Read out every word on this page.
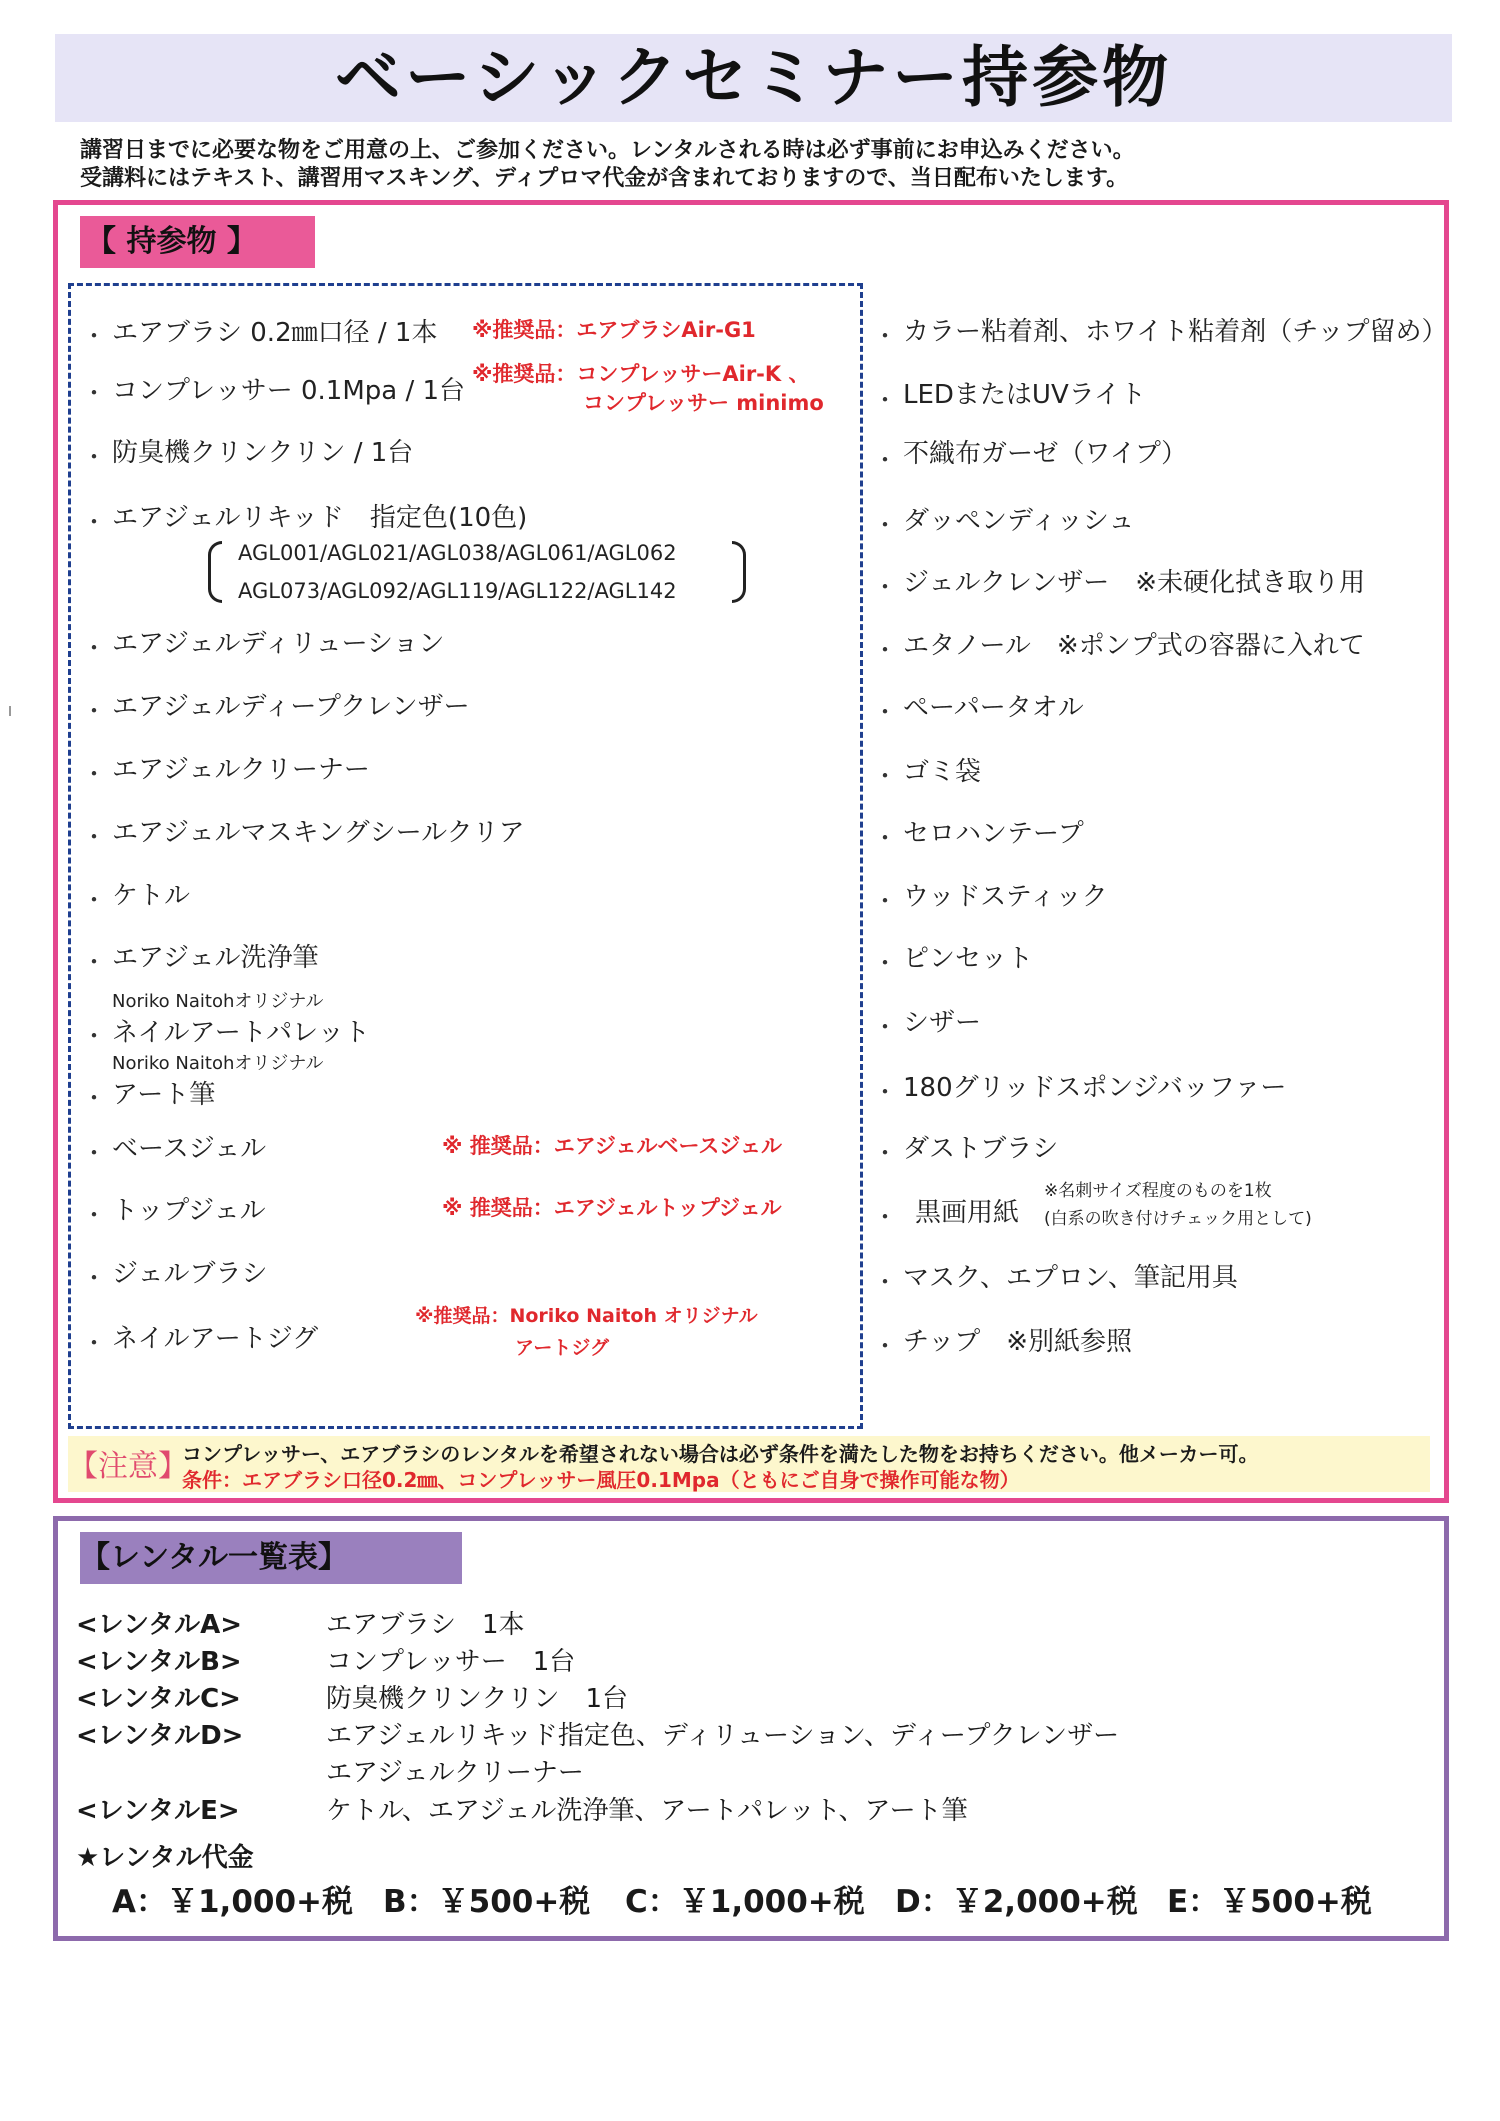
ベーシックセミナー持参物
講習日までに必要な物をご用意の上、ご参加ください。レンタルされる時は必ず事前にお申込みください。
受講料にはテキスト、講習用マスキング、ディプロマ代金が含まれておりますので、当日配布いたします。
【 持参物 】
・ エアブラシ 0.2㎜口径 / 1本 ※推奨品：エアブラシAir-G1
・ コンプレッサー 0.1Mpa / 1台
※推奨品：コンプレッサーAir-K 、
コンプレッサー minimo
・ 防臭機クリンクリン / 1台
・ エアジェルリキッド　指定色(10色)
AGL001/AGL021/AGL038/AGL061/AGL062
AGL073/AGL092/AGL119/AGL122/AGL142
・ エアジェルディリューション
・ エアジェルディープクレンザー
・ エアジェルクリーナー
・ エアジェルマスキングシールクリア
・ ケトル
・ エアジェル洗浄筆
・
Noriko Naitohオリジナル
ネイルアートパレット
・
Noriko Naitohオリジナル
アート筆
・ ベースジェル	※ 推奨品：エアジェルベースジェル
・ トップジェル	※ 推奨品：エアジェルトップジェル
・ ジェルブラシ
・ ネイルアートジグ
※推奨品：Noriko Naitoh オリジナル
アートジグ
・ カラー粘着剤、ホワイト粘着剤（チップ留め）
・ LEDまたはUVライト
・ 不織布ガーゼ（ワイプ）
・ ダッペンディッシュ
・ ジェルクレンザー　※未硬化拭き取り用
・ エタノール　※ポンプ式の容器に入れて
・ ペーパータオル
・ ゴミ袋
・ セロハンテープ
・ ウッドスティック
・ ピンセット
・ シザー
・ 180グリッドスポンジバッファー
・ ダストブラシ
・ 黒画用紙
※名刺サイズ程度のものを1枚
(白系の吹き付けチェック用として)
・ マスク、エプロン、筆記用具
・ チップ　※別紙参照
【注意】
コンプレッサー、エアブラシのレンタルを希望されない場合は必ず条件を満たした物をお持ちください。他メーカー可。
条件：エアブラシ口径0.2㎜、コンプレッサー風圧0.1Mpa（ともにご自身で操作可能な物）
【レンタル一覧表】
<レンタルA>	エアブラシ　1本
<レンタルB>	コンプレッサー　1台
<レンタルC>	防臭機クリンクリン　1台
<レンタルD>	エアジェルリキッド指定色、ディリューション、ディープクレンザー
エアジェルクリーナー
<レンタルE>	ケトル、エアジェル洗浄筆、アートパレット、アート筆
★レンタル代金
A：￥1,000+税 B：￥500+税 C：￥1,000+税 D：￥2,000+税 E：￥500+税
